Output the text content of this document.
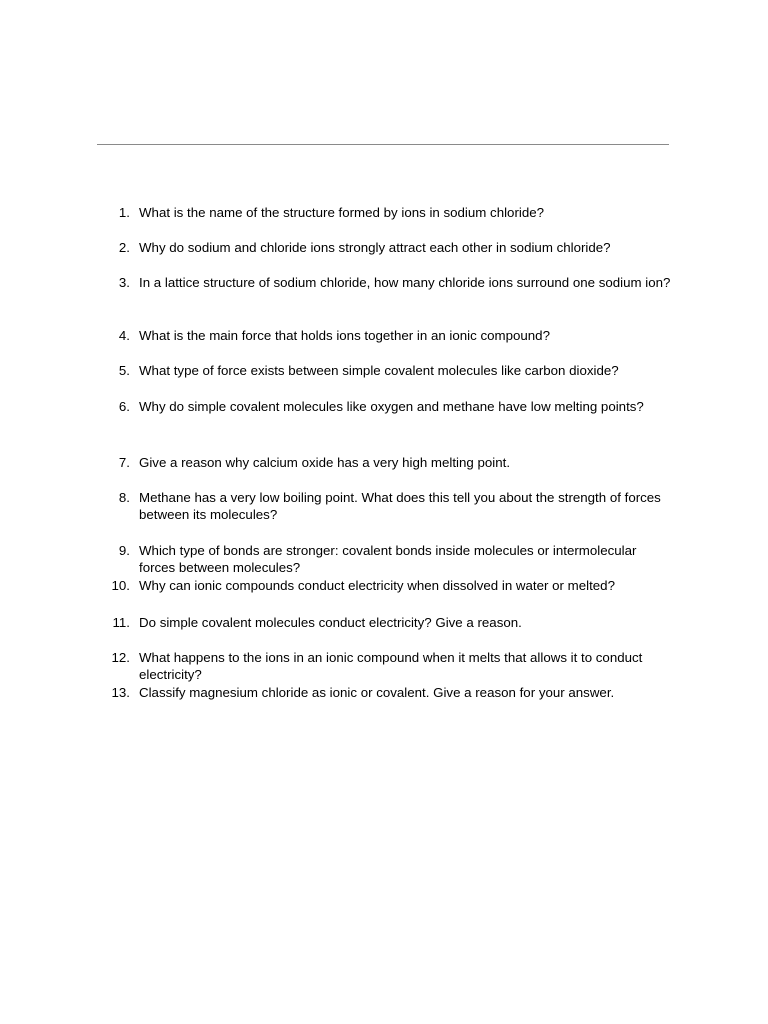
1. What is the name of the structure formed by ions in sodium chloride?
2. Why do sodium and chloride ions strongly attract each other in sodium chloride?
3. In a lattice structure of sodium chloride, how many chloride ions surround one sodium ion?
4. What is the main force that holds ions together in an ionic compound?
5. What type of force exists between simple covalent molecules like carbon dioxide?
6. Why do simple covalent molecules like oxygen and methane have low melting points?
7. Give a reason why calcium oxide has a very high melting point.
8. Methane has a very low boiling point. What does this tell you about the strength of forces between its molecules?
9. Which type of bonds are stronger: covalent bonds inside molecules or intermolecular forces between molecules?
10. Why can ionic compounds conduct electricity when dissolved in water or melted?
11. Do simple covalent molecules conduct electricity? Give a reason.
12. What happens to the ions in an ionic compound when it melts that allows it to conduct electricity?
13. Classify magnesium chloride as ionic or covalent. Give a reason for your answer.
